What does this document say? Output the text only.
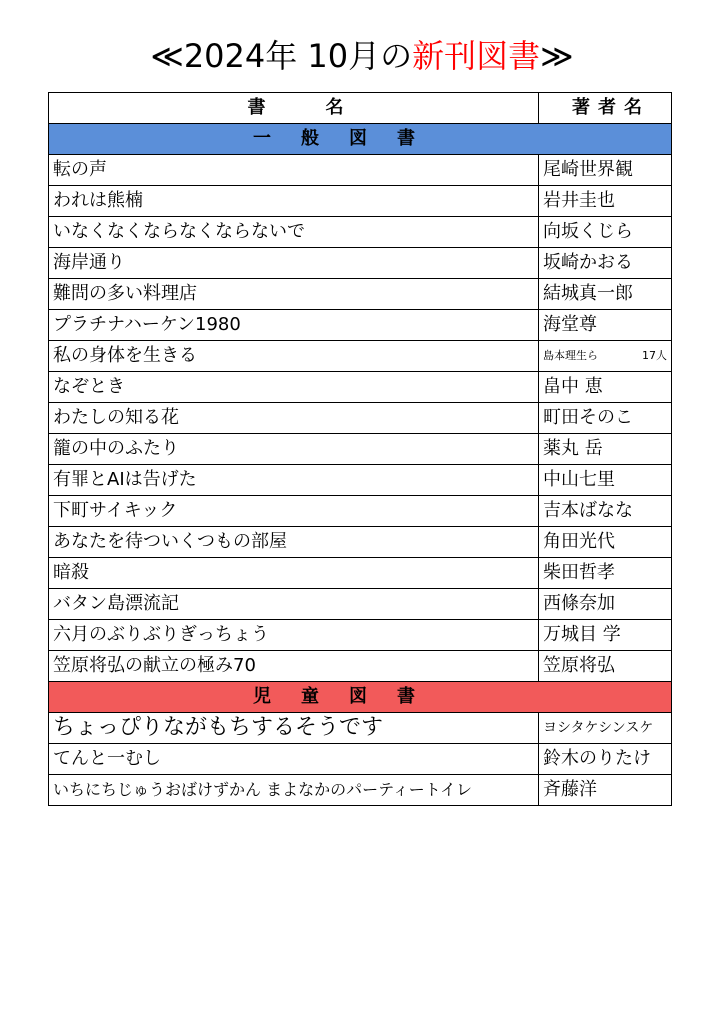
≪2024年 10月の新刊図書≫
書名	著者名
一般図書	
転の声	尾崎世界観
われは熊楠	岩井圭也
いなくなくならなくならないで	向坂くじら
海岸通り	坂崎かおる
難問の多い料理店	結城真一郎
プラチナハーケン1980	海堂尊
私の身体を生きる	島本理生ら 17人

なぞとき	畠中 恵
わたしの知る花	町田そのこ
籠の中のふたり	薬丸 岳
有罪とAIは告げた	中山七里
下町サイキック	吉本ばなな
あなたを待ついくつもの部屋	角田光代
暗殺	柴田哲孝
バタン島漂流記	西條奈加
六月のぶりぶりぎっちょう	万城目 学
笠原将弘の献立の極み70	笠原将弘
児童図書	
ちょっぴりながもちするそうです	ヨシタケシンスケ
てんと一むし	鈴木のりたけ
いちにちじゅうおばけずかん まよなかのパーティートイレ	斉藤洋
